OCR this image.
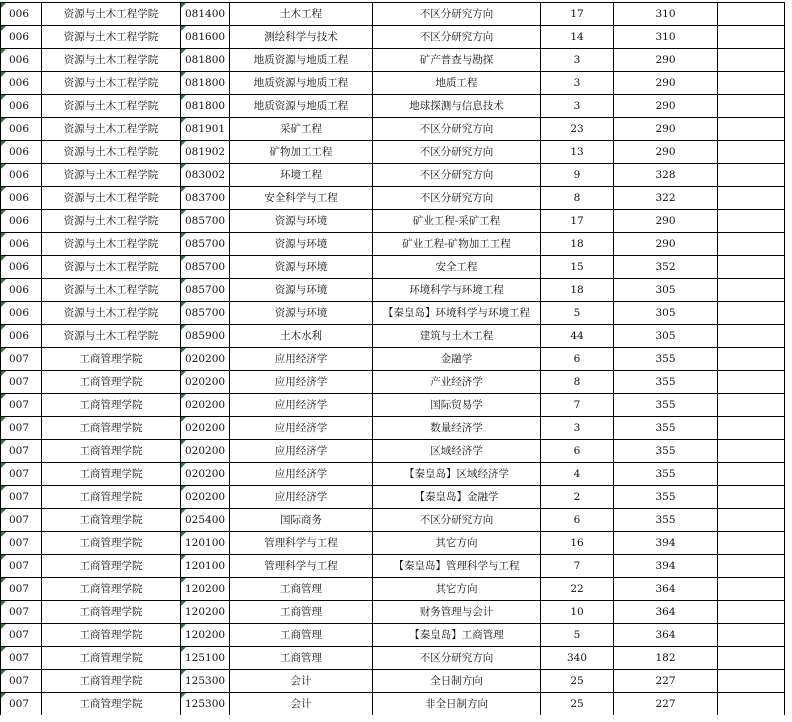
006	资源与土木工程学院	081400	土木工程	不区分研究方向	17	310	
006	资源与土木工程学院	081600	测绘科学与技术	不区分研究方向	14	310	
006	资源与土木工程学院	081800	地质资源与地质工程	矿产普查与勘探	3	290	
006	资源与土木工程学院	081800	地质资源与地质工程	地质工程	3	290	
006	资源与土木工程学院	081800	地质资源与地质工程	地球探测与信息技术	3	290	
006	资源与土木工程学院	081901	采矿工程	不区分研究方向	23	290	
006	资源与土木工程学院	081902	矿物加工工程	不区分研究方向	13	290	
006	资源与土木工程学院	083002	环境工程	不区分研究方向	9	328	
006	资源与土木工程学院	083700	安全科学与工程	不区分研究方向	8	322	
006	资源与土木工程学院	085700	资源与环境	矿业工程-采矿工程	17	290	
006	资源与土木工程学院	085700	资源与环境	矿业工程-矿物加工工程	18	290	
006	资源与土木工程学院	085700	资源与环境	安全工程	15	352	
006	资源与土木工程学院	085700	资源与环境	环境科学与环境工程	18	305	
006	资源与土木工程学院	085700	资源与环境	【秦皇岛】环境科学与环境工程	5	305	
006	资源与土木工程学院	085900	土木水利	建筑与土木工程	44	305	
007	工商管理学院	020200	应用经济学	金融学	6	355	
007	工商管理学院	020200	应用经济学	产业经济学	8	355	
007	工商管理学院	020200	应用经济学	国际贸易学	7	355	
007	工商管理学院	020200	应用经济学	数量经济学	3	355	
007	工商管理学院	020200	应用经济学	区域经济学	6	355	
007	工商管理学院	020200	应用经济学	【秦皇岛】区域经济学	4	355	
007	工商管理学院	020200	应用经济学	【秦皇岛】金融学	2	355	
007	工商管理学院	025400	国际商务	不区分研究方向	6	355	
007	工商管理学院	120100	管理科学与工程	其它方向	16	394	
007	工商管理学院	120100	管理科学与工程	【秦皇岛】管理科学与工程	7	394	
007	工商管理学院	120200	工商管理	其它方向	22	364	
007	工商管理学院	120200	工商管理	财务管理与会计	10	364	
007	工商管理学院	120200	工商管理	【秦皇岛】工商管理	5	364	
007	工商管理学院	125100	工商管理	不区分研究方向	340	182	
007	工商管理学院	125300	会计	全日制方向	25	227	
007	工商管理学院	125300	会计	非全日制方向	25	227	
